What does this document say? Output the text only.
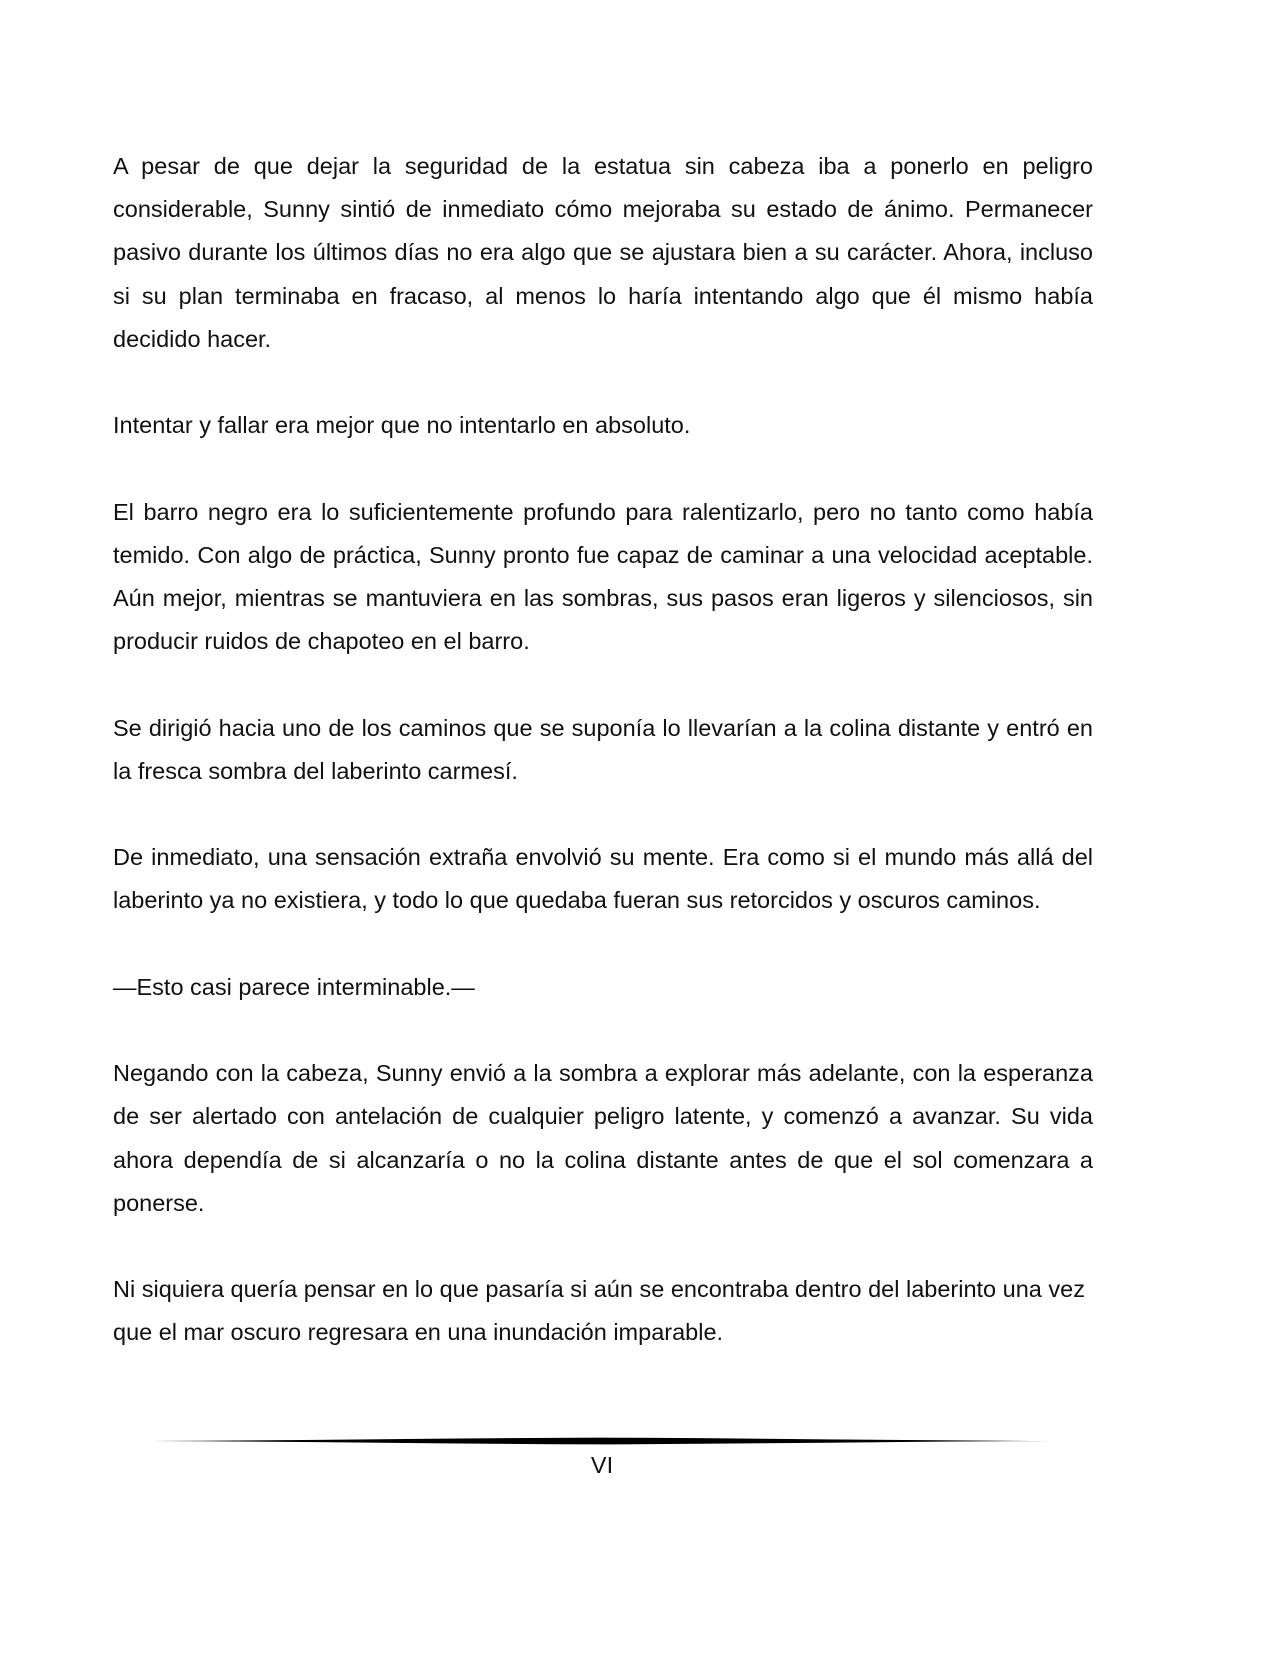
A pesar de que dejar la seguridad de la estatua sin cabeza iba a ponerlo en peligro considerable, Sunny sintió de inmediato cómo mejoraba su estado de ánimo. Permanecer pasivo durante los últimos días no era algo que se ajustara bien a su carácter. Ahora, incluso si su plan terminaba en fracaso, al menos lo haría intentando algo que él mismo había decidido hacer.

Intentar y fallar era mejor que no intentarlo en absoluto.

El barro negro era lo suficientemente profundo para ralentizarlo, pero no tanto como había temido. Con algo de práctica, Sunny pronto fue capaz de caminar a una velocidad aceptable. Aún mejor, mientras se mantuviera en las sombras, sus pasos eran ligeros y silenciosos, sin producir ruidos de chapoteo en el barro.

Se dirigió hacia uno de los caminos que se suponía lo llevarían a la colina distante y entró en la fresca sombra del laberinto carmesí.

De inmediato, una sensación extraña envolvió su mente. Era como si el mundo más allá del laberinto ya no existiera, y todo lo que quedaba fueran sus retorcidos y oscuros caminos.

—Esto casi parece interminable.—

Negando con la cabeza, Sunny envió a la sombra a explorar más adelante, con la esperanza de ser alertado con antelación de cualquier peligro latente, y comenzó a avanzar. Su vida ahora dependía de si alcanzaría o no la colina distante antes de que el sol comenzara a ponerse.

Ni siquiera quería pensar en lo que pasaría si aún se encontraba dentro del laberinto una vez que el mar oscuro regresara en una inundación imparable.

VI
